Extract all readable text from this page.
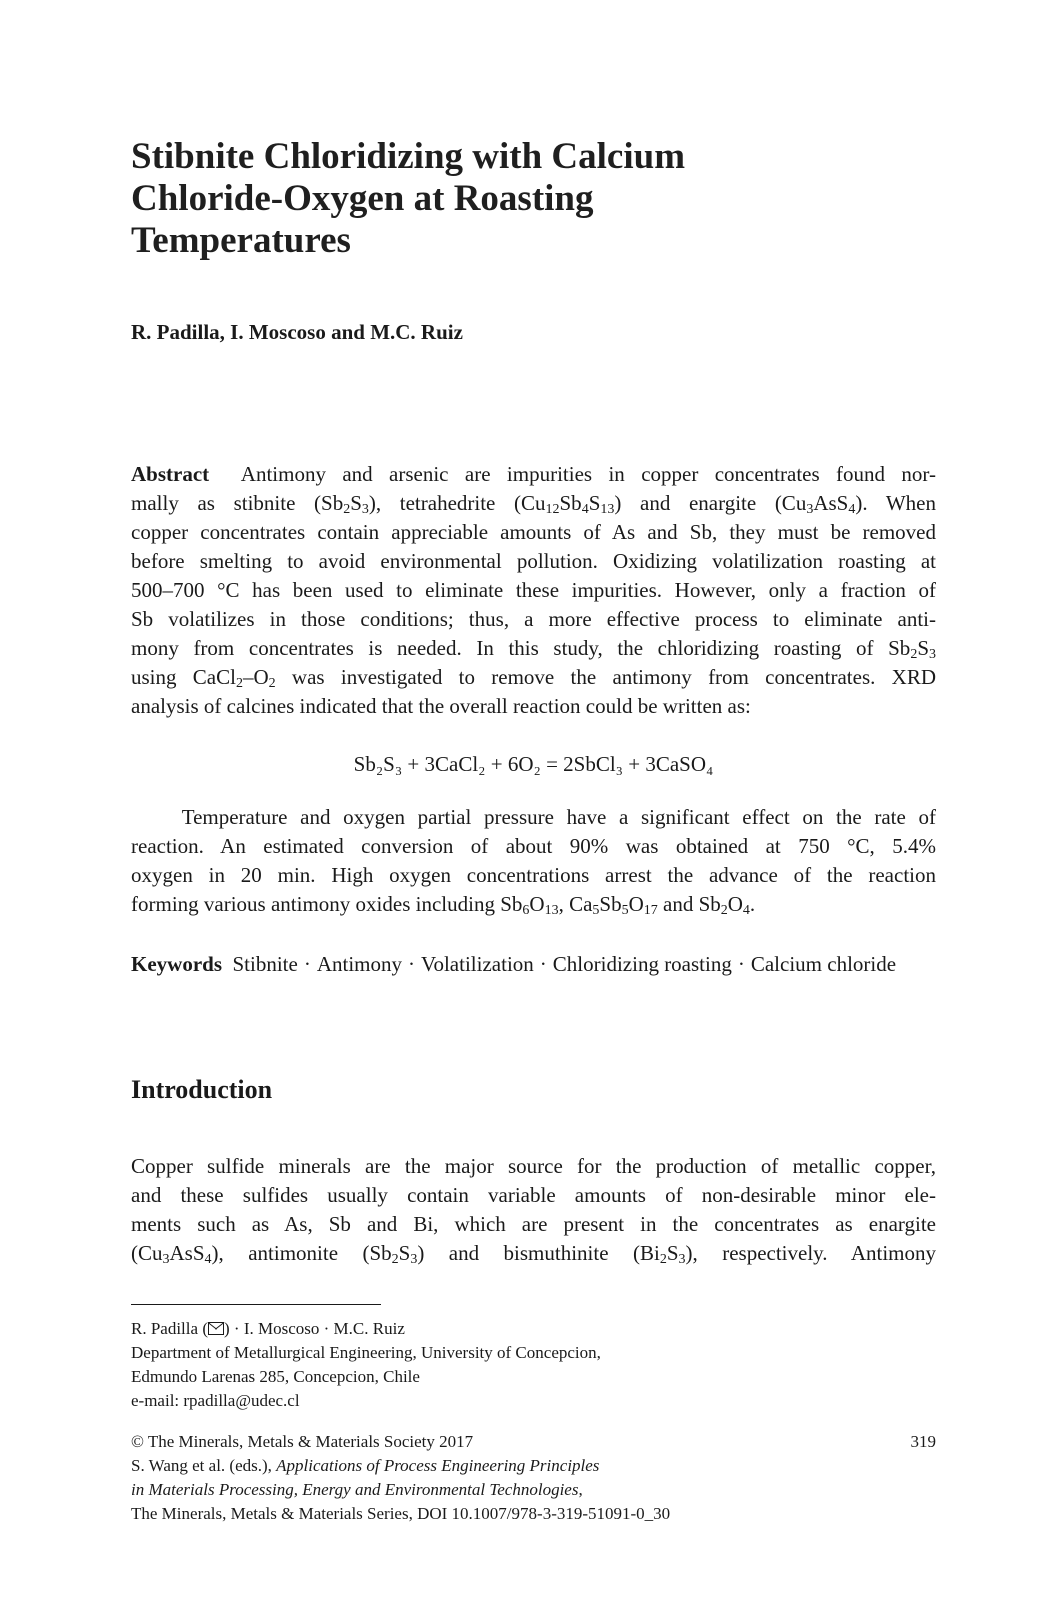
Stibnite Chloridizing with Calcium
Chloride-Oxygen at Roasting
Temperatures
R. Padilla, I. Moscoso and M.C. Ruiz
Abstract  Antimony and arsenic are impurities in copper concentrates found nor-
mally as stibnite $(Sb_2S_3)$, tetrahedrite $(Cu_{12}Sb_4S_{13})$ and enargite $(Cu_3AsS_4)$. When
copper concentrates contain appreciable amounts of As and Sb, they must be removed
before smelting to avoid environmental pollution. Oxidizing volatilization roasting at
500–700 °C has been used to eliminate these impurities. However, only a fraction of
Sb volatilizes in those conditions; thus, a more effective process to eliminate anti-
mony from concentrates is needed. In this study, the chloridizing roasting of $Sb_2S_3$
using $CaCl_2-O_2$ was investigated to remove the antimony from concentrates. XRD
analysis of calcines indicated that the overall reaction could be written as:
Sb₂S₃ + 3CaCl₂ + 6O₂ = 2SbCl₃ + 3CaSO₄
Temperature and oxygen partial pressure have a significant effect on the rate of
reaction. An estimated conversion of about 90% was obtained at 750 °C, 5.4%
oxygen in 20 min. High oxygen concentrations arrest the advance of the reaction
forming various antimony oxides including $Sb_6O_{13}$, $Ca_5Sb_5O_{17}$ and $Sb_2O_4$.
Keywords Stibnite · Antimony · Volatilization · Chloridizing roasting · Calcium chloride
Introduction
Copper sulfide minerals are the major source for the production of metallic copper,
and these sulfides usually contain variable amounts of non-desirable minor ele-
ments such as As, Sb and Bi, which are present in the concentrates as enargite
$(Cu_3AsS_4)$, antimonite $(Sb_2S_3)$ and bismuthinite $(Bi_2S_3)$, respectively. Antimony
R. Padilla ( ) · I. Moscoso · M.C. Ruiz
Department of Metallurgical Engineering, University of Concepcion,
Edmundo Larenas 285, Concepcion, Chile
e-mail: rpadilla@udec.cl
© The Minerals, Metals & Materials Society 2017
S. Wang et al. (eds.), Applications of Process Engineering Principles
in Materials Processing, Energy and Environmental Technologies,
The Minerals, Metals & Materials Series, DOI 10.1007/978-3-319-51091-0_30
319
